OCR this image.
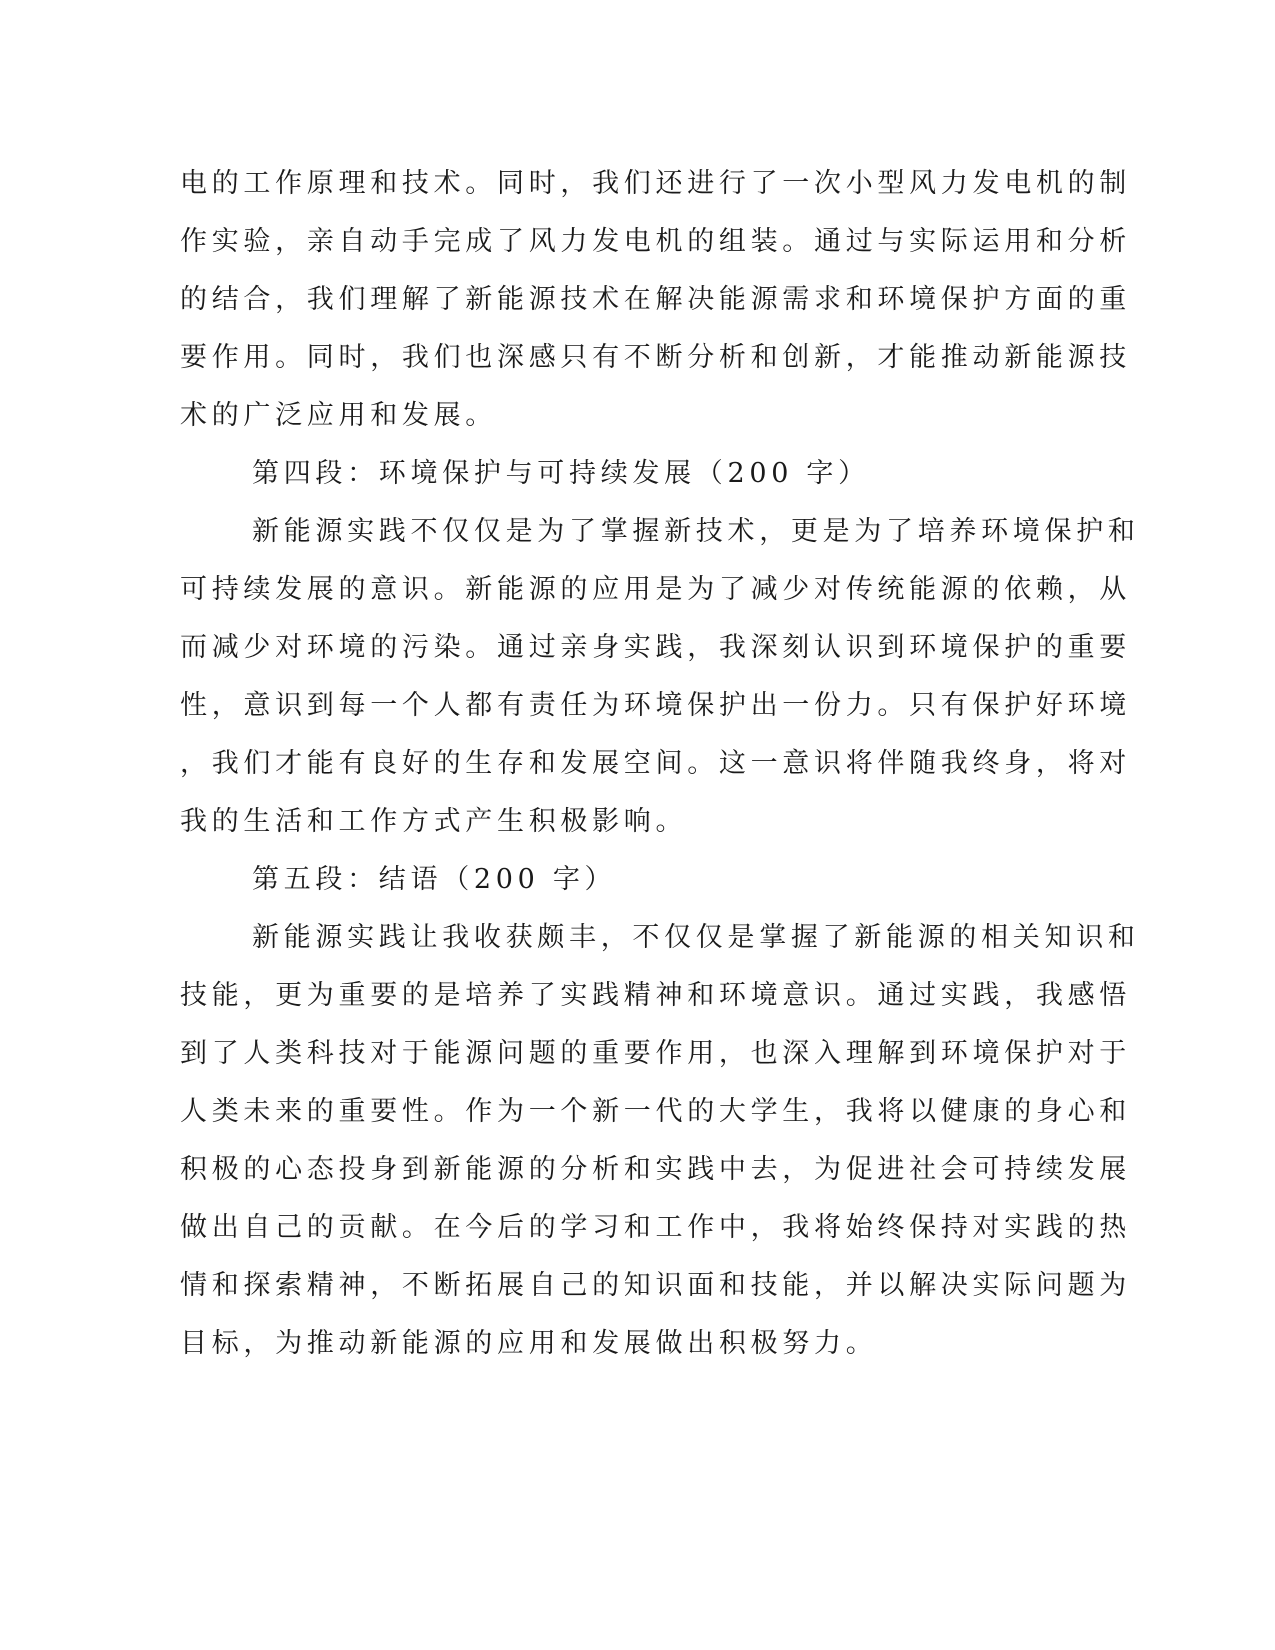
电的工作原理和技术。同时，我们还进行了一次小型风力发电机的制
作实验，亲自动手完成了风力发电机的组装。通过与实际运用和分析
的结合，我们理解了新能源技术在解决能源需求和环境保护方面的重
要作用。同时，我们也深感只有不断分析和创新，才能推动新能源技
术的广泛应用和发展。
第四段：环境保护与可持续发展（200 字）
新能源实践不仅仅是为了掌握新技术，更是为了培养环境保护和
可持续发展的意识。新能源的应用是为了减少对传统能源的依赖，从
而减少对环境的污染。通过亲身实践，我深刻认识到环境保护的重要
性，意识到每一个人都有责任为环境保护出一份力。只有保护好环境
，我们才能有良好的生存和发展空间。这一意识将伴随我终身，将对
我的生活和工作方式产生积极影响。
第五段：结语（200 字）
新能源实践让我收获颇丰，不仅仅是掌握了新能源的相关知识和
技能，更为重要的是培养了实践精神和环境意识。通过实践，我感悟
到了人类科技对于能源问题的重要作用，也深入理解到环境保护对于
人类未来的重要性。作为一个新一代的大学生，我将以健康的身心和
积极的心态投身到新能源的分析和实践中去，为促进社会可持续发展
做出自己的贡献。在今后的学习和工作中，我将始终保持对实践的热
情和探索精神，不断拓展自己的知识面和技能，并以解决实际问题为
目标，为推动新能源的应用和发展做出积极努力。
